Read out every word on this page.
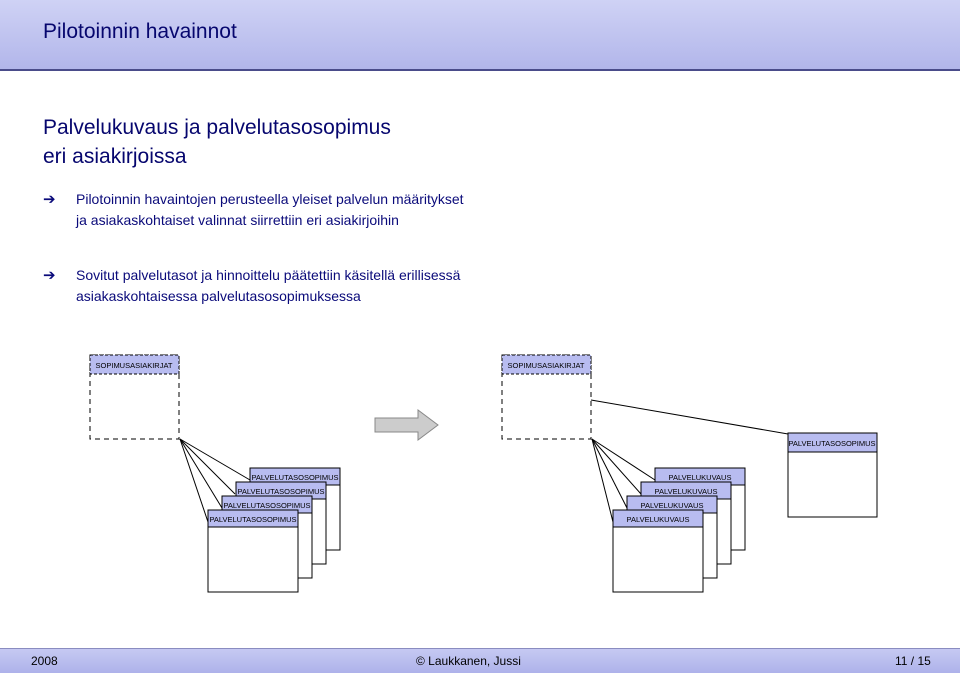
Pilotoinnin havainnot
Palvelukuvaus ja palvelutasosopimus
eri asiakirjoissa
➔	Pilotoinnin havaintojen perusteella yleiset palvelun määritykset ja asiakaskohtaiset valinnat siirrettiin eri asiakirjoihin
➔	Sovitut palvelutasot ja hinnoittelu päätettiin käsitellä erillisessä asiakaskohtaisessa palvelutasosopimuksessa
SOPIMUSASIAKIRJAT
PALVELUTASOSOPIMUS
PALVELUTASOSOPIMUS
PALVELUTASOSOPIMUS
PALVELUTASOSOPIMUS
SOPIMUSASIAKIRJAT
PALVELUTASOSOPIMUS
PALVELUKUVAUS
PALVELUKUVAUS
PALVELUKUVAUS
PALVELUKUVAUS
2008	© Laukkanen, Jussi	11 / 15
